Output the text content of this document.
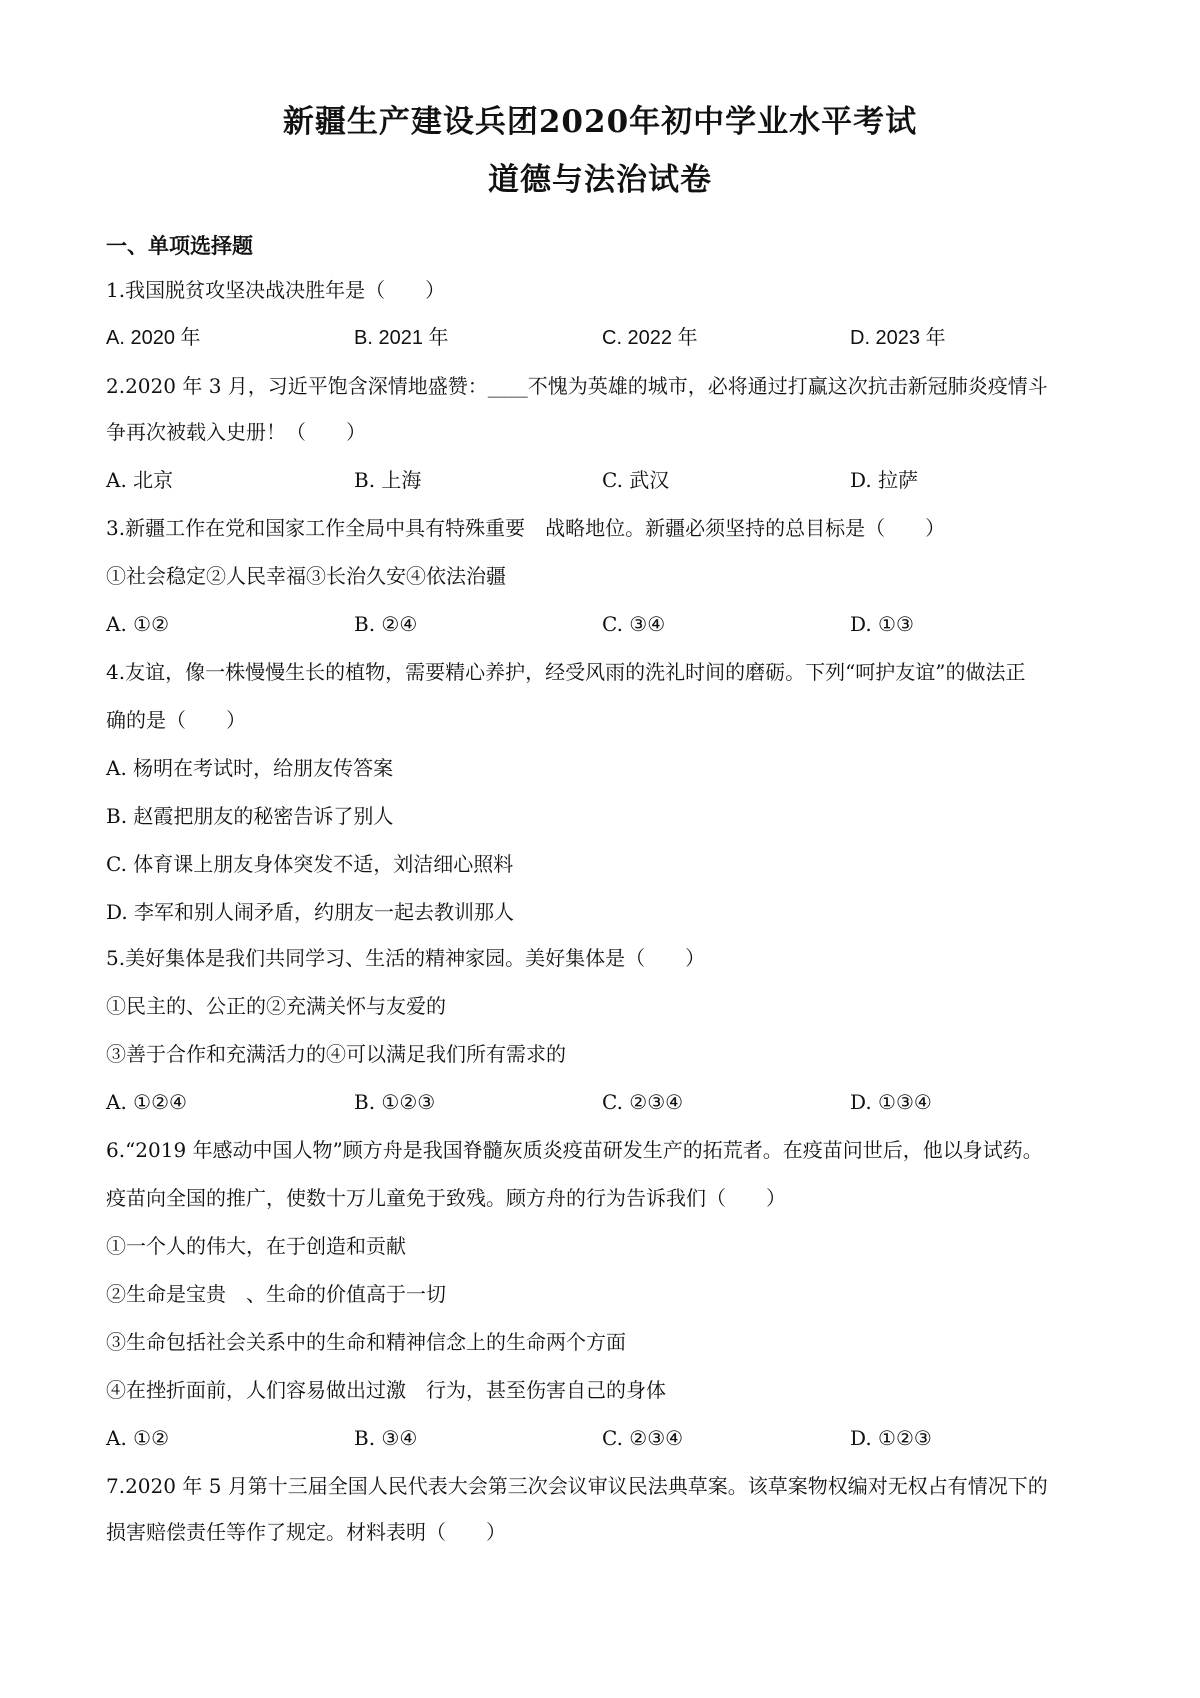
新疆生产建设兵团2020年初中学业水平考试
道德与法治试卷

一、单项选择题

1.我国脱贫攻坚决战决胜年是（　　）

A. 2020 年	B. 2021 年	C. 2022 年	D. 2023 年

2.2020 年 3 月，习近平饱含深情地盛赞：____不愧为英雄的城市，必将通过打赢这次抗击新冠肺炎疫情斗

争再次被载入史册！（　　）

A. 北京	B. 上海	C. 武汉	D. 拉萨

3.新疆工作在党和国家工作全局中具有特殊重要　战略地位。新疆必须坚持的总目标是（　　）

①社会稳定②人民幸福③长治久安④依法治疆

A. ①②	B. ②④	C. ③④	D. ①③

4.友谊，像一株慢慢生长的植物，需要精心养护，经受风雨的洗礼时间的磨砺。下列“呵护友谊”的做法正

确的是（　　）

A. 杨明在考试时，给朋友传答案

B. 赵霞把朋友的秘密告诉了别人

C. 体育课上朋友身体突发不适，刘洁细心照料

D. 李军和别人闹矛盾，约朋友一起去教训那人

5.美好集体是我们共同学习、生活的精神家园。美好集体是（　　）

①民主的、公正的②充满关怀与友爱的

③善于合作和充满活力的④可以满足我们所有需求的

A. ①②④	B. ①②③	C. ②③④	D. ①③④

6.“2019 年感动中国人物”顾方舟是我国脊髓灰质炎疫苗研发生产的拓荒者。在疫苗问世后，他以身试药。

疫苗向全国的推广，使数十万儿童免于致残。顾方舟的行为告诉我们（　　）

①一个人的伟大，在于创造和贡献

②生命是宝贵　、生命的价值高于一切

③生命包括社会关系中的生命和精神信念上的生命两个方面

④在挫折面前，人们容易做出过激　行为，甚至伤害自己的身体

A. ①②	B. ③④	C. ②③④	D. ①②③

7.2020 年 5 月第十三届全国人民代表大会第三次会议审议民法典草案。该草案物权编对无权占有情况下的

损害赔偿责任等作了规定。材料表明（　　）
